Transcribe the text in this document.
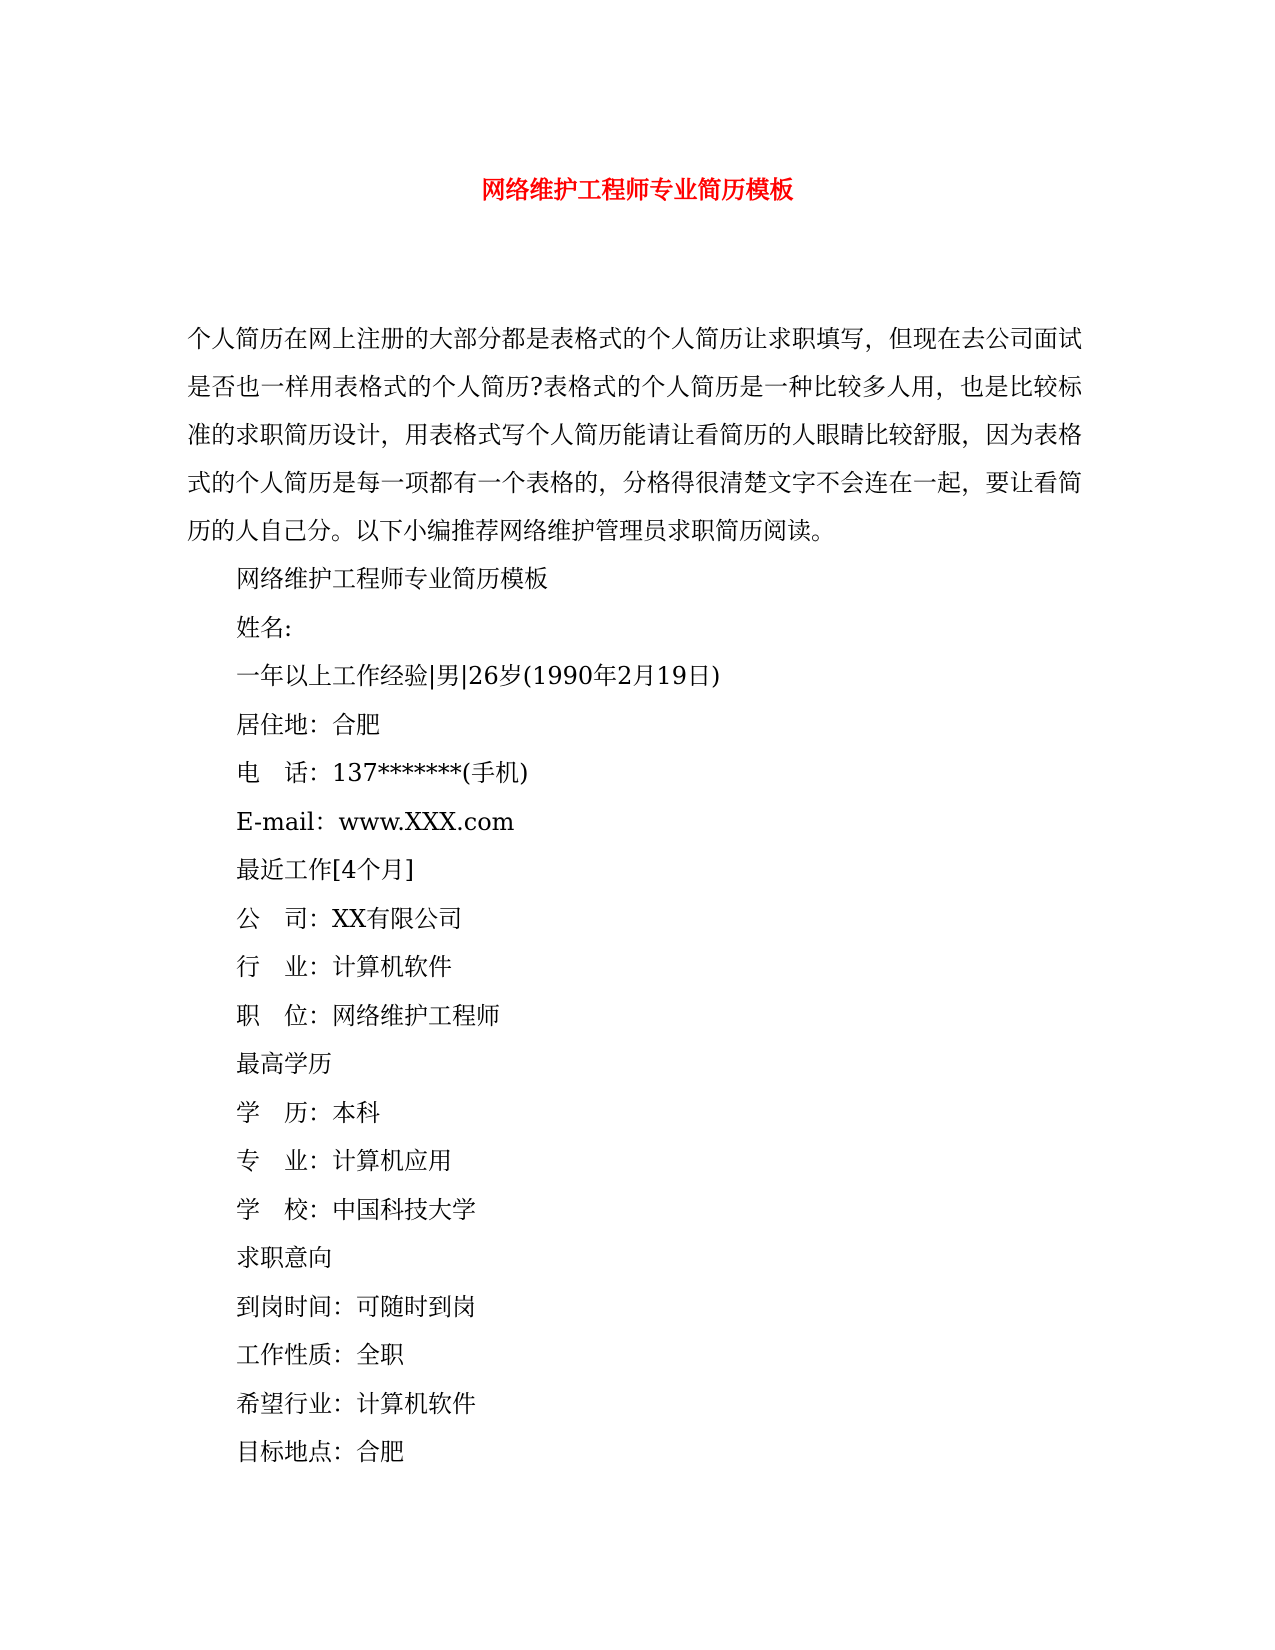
网络维护工程师专业简历模板

个人简历在网上注册的大部分都是表格式的个人简历让求职填写，但现在去公司面试是否也一样用表格式的个人简历?表格式的个人简历是一种比较多人用，也是比较标准的求职简历设计，用表格式写个人简历能请让看简历的人眼睛比较舒服，因为表格式的个人简历是每一项都有一个表格的，分格得很清楚文字不会连在一起，要让看简历的人自己分。以下小编推荐网络维护管理员求职简历阅读。

网络维护工程师专业简历模板
姓名:
一年以上工作经验|男|26岁(1990年2月19日)
居住地：合肥
电　话：137*******(手机)
E-mail：www.XXX.com
最近工作[4个月]
公　司：XX有限公司
行　业：计算机软件
职　位：网络维护工程师
最高学历
学　历：本科
专　业：计算机应用
学　校：中国科技大学
求职意向
到岗时间：可随时到岗
工作性质：全职
希望行业：计算机软件
目标地点：合肥
